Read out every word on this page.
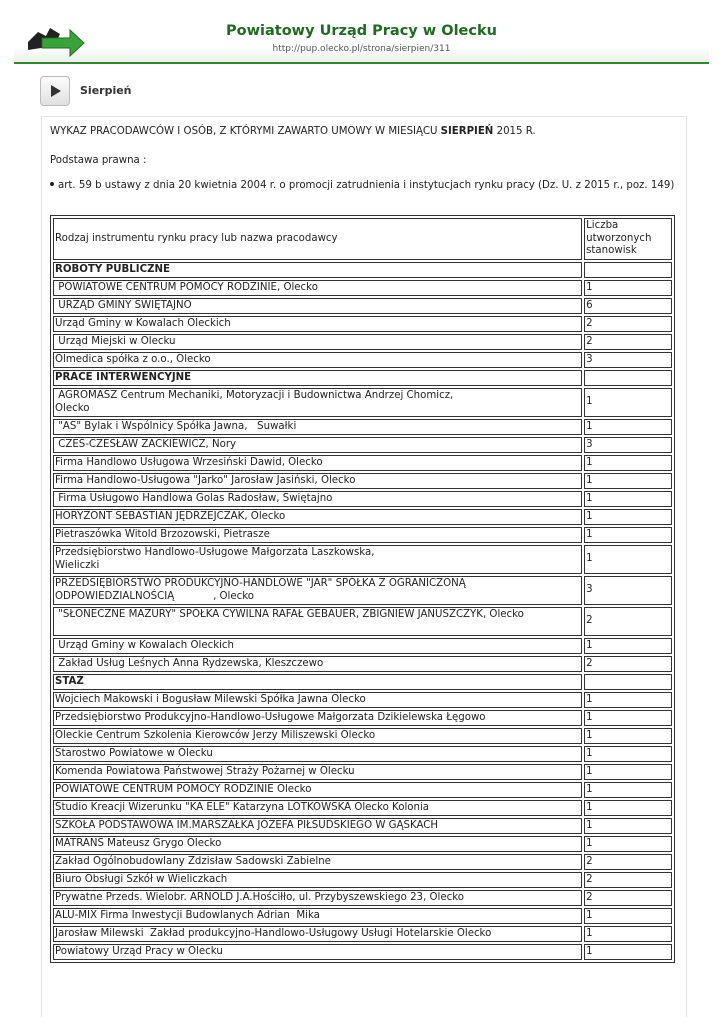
Powiatowy Urząd Pracy w Olecku
http://pup.olecko.pl/strona/sierpien/311
Sierpień
WYKAZ PRACODAWCÓW I OSÓB, Z KTÓRYMI ZAWARTO UMOWY W MIESIĄCU SIERPIEŃ 2015 R.
Podstawa prawna :
art. 59 b ustawy z dnia 20 kwietnia 2004 r. o promocji zatrudnienia i instytucjach rynku pracy (Dz. U. z 2015 r., poz. 149)
Rodzaj instrumentu rynku pracy lub nazwa pracodawcy	Liczba utworzonych stanowisk
ROBOTY PUBLICZNE	
POWIATOWE CENTRUM POMOCY RODZINIE, Olecko	1
URZĄD GMINY ŚWIĘTAJNO	6
Urząd Gminy w Kowalach Oleckich	2
Urząd Miejski w Olecku	2
Olmedica spółka z o.o., Olecko	3
PRACE INTERWENCYJNE	
AGROMASZ Centrum Mechaniki, Motoryzacji i Budownictwa Andrzej Chomicz,
Olecko	1
"AS" Bylak i Wspólnicy Spółka Jawna,   Suwałki	1
CZEŚ-CZESŁAW ZACKIEWICZ, Nory	3
Firma Handlowo Usługowa Wrzesiński Dawid, Olecko	1
Firma Handlowo-Usługowa "Jarko" Jarosław Jasiński, Olecko	1
Firma Usługowo Handlowa Golas Radosław, Świętajno	1
HORYZONT SEBASTIAN JĘDRZEJCZAK, Olecko	1
Pietraszówka Witold Brzozowski, Pietrasze	1
Przedsiębiorstwo Handlowo-Usługowe Małgorzata Laszkowska,
Wieliczki	1
PRZEDSIĘBIORSTWO PRODUKCYJNO-HANDLOWE "JAR" SPÓŁKA Z OGRANICZONĄ
ODPOWIEDZIALNOŚCIĄ            , Olecko	3
"SŁONECZNE MAZURY" SPÓŁKA CYWILNA RAFAŁ GEBAUER, ZBIGNIEW JANUSZCZYK, Olecko	2
Urząd Gminy w Kowalach Oleckich	1
Zakład Usług Leśnych Anna Rydzewska, Kleszczewo	2
STAŻ	
Wojciech Makowski i Bogusław Milewski Spółka Jawna Olecko	1
Przedsiębiorstwo Produkcyjno-Handlowo-Usługowe Małgorzata Dzikielewska Łęgowo	1
Oleckie Centrum Szkolenia Kierowców Jerzy Miliszewski Olecko	1
Starostwo Powiatowe w Olecku	1
Komenda Powiatowa Państwowej Straży Pożarnej w Olecku	1
POWIATOWE CENTRUM POMOCY RODZINIE Olecko	1
Studio Kreacji Wizerunku "KA ELE" Katarzyna LOTKOWSKA Olecko Kolonia	1
SZKOŁA PODSTAWOWA IM.MARSZAŁKA JÓZEFA PIŁSUDSKIEGO W GĄSKACH	1
MATRANS Mateusz Grygo Olecko	1
Zakład Ogólnobudowlany Zdzisław Sadowski Zabielne	2
Biuro Obsługi Szkół w Wieliczkach	2
Prywatne Przeds. Wielobr. ARNOLD J.A.Hościłło, ul. Przybyszewskiego 23, Olecko	2
ALU-MIX Firma Inwestycji Budowlanych Adrian  Mika	1
Jarosław Milewski  Zakład produkcyjno-Handlowo-Usługowy Usługi Hotelarskie Olecko	1
Powiatowy Urząd Pracy w Olecku	1
